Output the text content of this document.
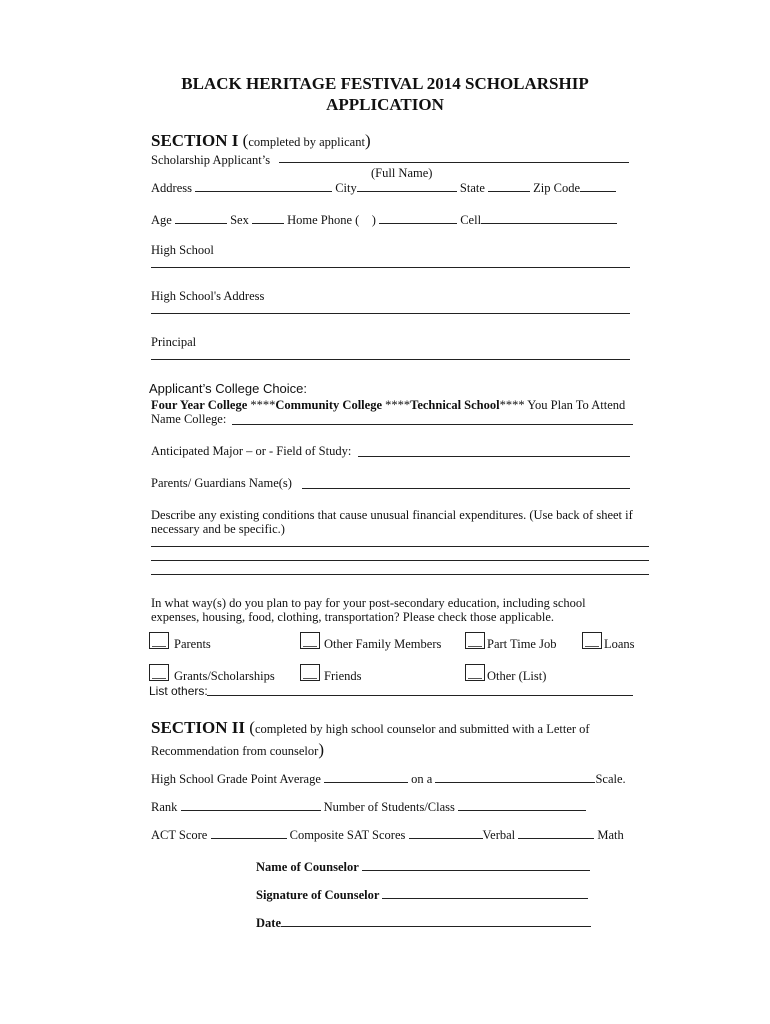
BLACK HERITAGE FESTIVAL 2014 SCHOLARSHIP
APPLICATION
SECTION I (completed by applicant)
Scholarship Applicant’s
(Full Name)
Address	City	State	Zip Code
Age	Sex	Home Phone ( )	Cell
High School
High School's Address
Principal
Applicant’s College Choice:
Four Year College ****Community College ****Technical School**** You Plan To Attend
Name College:
Anticipated Major – or - Field of Study:
Parents/ Guardians Name(s)
Describe any existing conditions that cause unusual financial expenditures. (Use back of sheet if
necessary and be specific.)
In what way(s) do you plan to pay for your post-secondary education, including school
expenses, housing, food, clothing, transportation? Please check those applicable.
Parents	Other Family Members	Part Time Job	Loans
Grants/Scholarships	Friends	Other (List)
List others:
SECTION II (completed by high school counselor and submitted with a Letter of
Recommendation from counselor)
High School Grade Point Average	on a	Scale.
Rank	Number of Students/Class
ACT Score	Composite SAT Scores	Verbal	Math
Name of Counselor
Signature of Counselor
Date
